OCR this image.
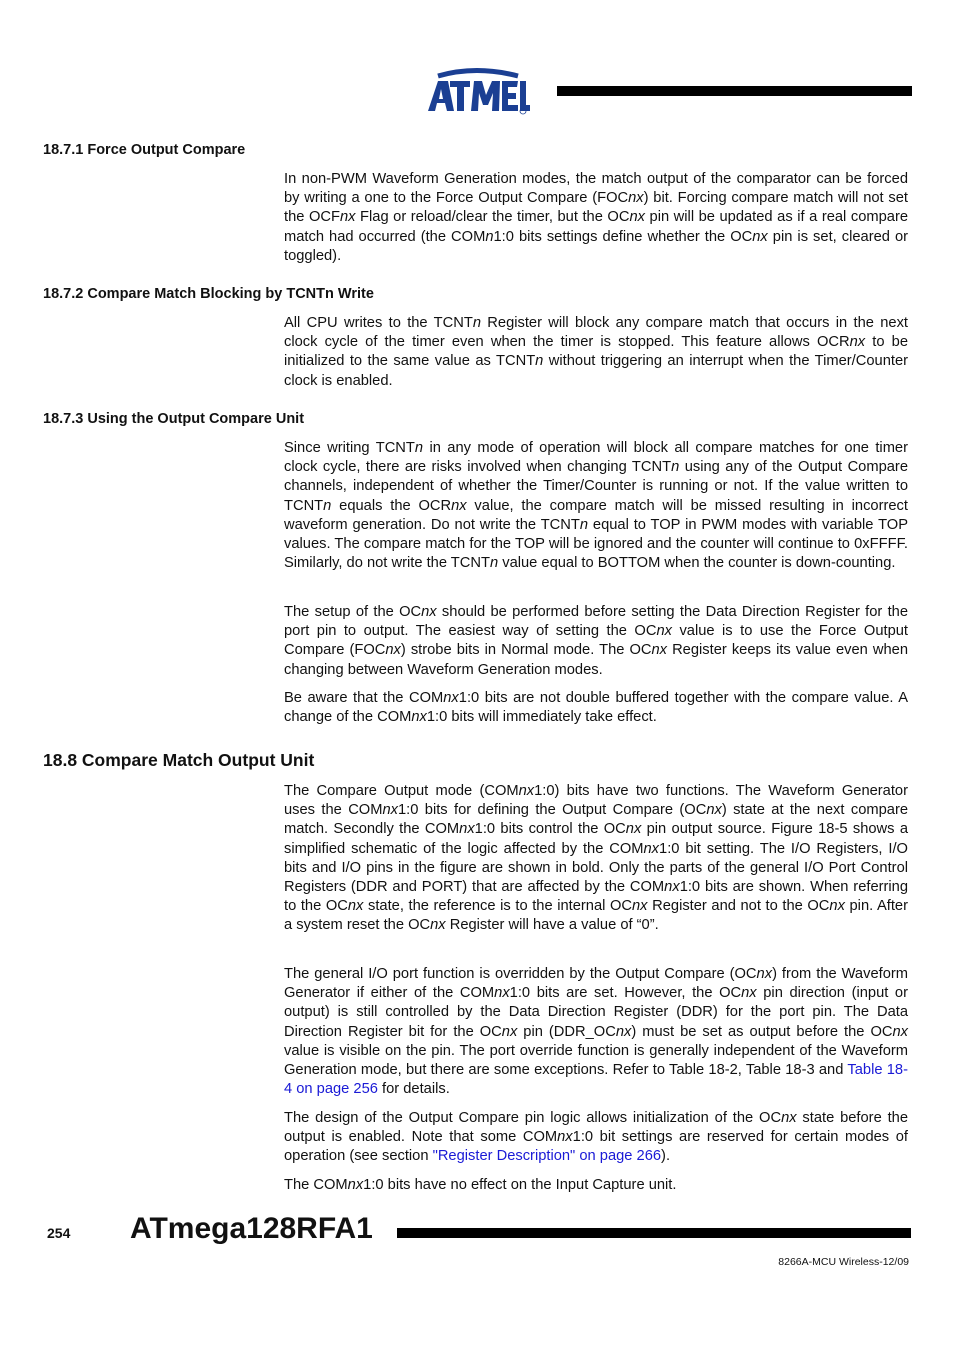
18.7.1 Force Output Compare

In non-PWM Waveform Generation modes, the match output of the comparator can be forced by writing a one to the Force Output Compare (FOCnx) bit. Forcing compare match will not set the OCFnx Flag or reload/clear the timer, but the OCnx pin will be updated as if a real compare match had occurred (the COMn1:0 bits settings define whether the OCnx pin is set, cleared or toggled).

18.7.2 Compare Match Blocking by TCNTn Write

All CPU writes to the TCNTn Register will block any compare match that occurs in the next clock cycle of the timer even when the timer is stopped. This feature allows OCRnx to be initialized to the same value as TCNTn without triggering an interrupt when the Timer/Counter clock is enabled.

18.7.3 Using the Output Compare Unit

Since writing TCNTn in any mode of operation will block all compare matches for one timer clock cycle, there are risks involved when changing TCNTn using any of the Output Compare channels, independent of whether the Timer/Counter is running or not. If the value written to TCNTn equals the OCRnx value, the compare match will be missed resulting in incorrect waveform generation. Do not write the TCNTn equal to TOP in PWM modes with variable TOP values. The compare match for the TOP will be ignored and the counter will continue to 0xFFFF. Similarly, do not write the TCNTn value equal to BOTTOM when the counter is down-counting.

The setup of the OCnx should be performed before setting the Data Direction Register for the port pin to output. The easiest way of setting the OCnx value is to use the Force Output Compare (FOCnx) strobe bits in Normal mode. The OCnx Register keeps its value even when changing between Waveform Generation modes.

Be aware that the COMnx1:0 bits are not double buffered together with the compare value. A change of the COMnx1:0 bits will immediately take effect.

18.8 Compare Match Output Unit

The Compare Output mode (COMnx1:0) bits have two functions. The Waveform Generator uses the COMnx1:0 bits for defining the Output Compare (OCnx) state at the next compare match. Secondly the COMnx1:0 bits control the OCnx pin output source. Figure 18-5 shows a simplified schematic of the logic affected by the COMnx1:0 bit setting. The I/O Registers, I/O bits and I/O pins in the figure are shown in bold. Only the parts of the general I/O Port Control Registers (DDR and PORT) that are affected by the COMnx1:0 bits are shown. When referring to the OCnx state, the reference is to the internal OCnx Register and not to the OCnx pin. After a system reset the OCnx Register will have a value of “0”.

The general I/O port function is overridden by the Output Compare (OCnx) from the Waveform Generator if either of the COMnx1:0 bits are set. However, the OCnx pin direction (input or output) is still controlled by the Data Direction Register (DDR) for the port pin. The Data Direction Register bit for the OCnx pin (DDR_OCnx) must be set as output before the OCnx value is visible on the pin. The port override function is generally independent of the Waveform Generation mode, but there are some exceptions. Refer to Table 18-2, Table 18-3 and Table 18-4 on page 256 for details.

The design of the Output Compare pin logic allows initialization of the OCnx state before the output is enabled. Note that some COMnx1:0 bit settings are reserved for certain modes of operation (see section "Register Description" on page 266).

The COMnx1:0 bits have no effect on the Input Capture unit.

254 ATmega128RFA1
8266A-MCU Wireless-12/09
